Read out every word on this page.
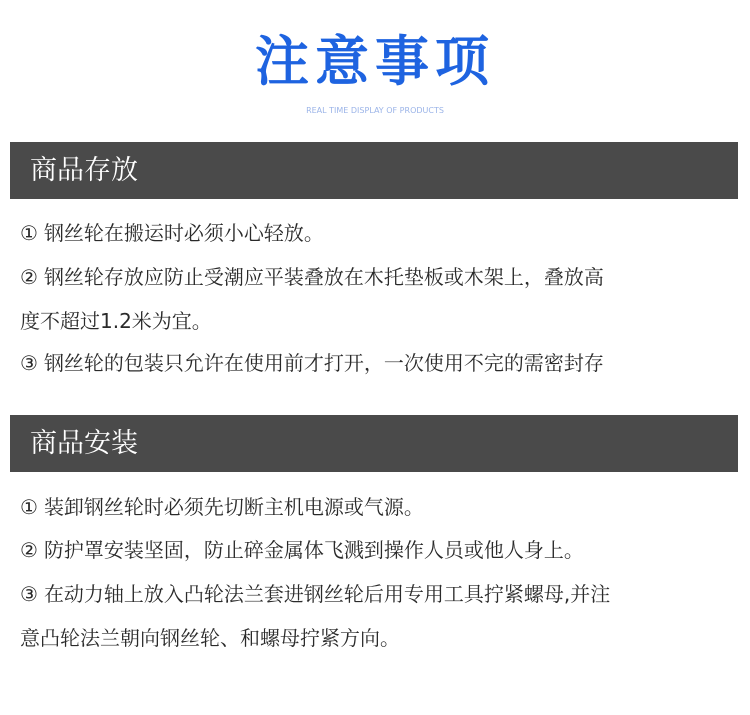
注意事项
REAL TIME DISPLAY OF PRODUCTS
商品存放
① 钢丝轮在搬运时必须小心轻放。
② 钢丝轮存放应防止受潮应平装叠放在木托垫板或木架上，叠放高
度不超过1.2米为宜。
③ 钢丝轮的包装只允许在使用前才打开，一次使用不完的需密封存
商品安装
① 装卸钢丝轮时必须先切断主机电源或气源。
② 防护罩安装坚固，防止碎金属体飞溅到操作人员或他人身上。
③ 在动力轴上放入凸轮法兰套进钢丝轮后用专用工具拧紧螺母,并注
意凸轮法兰朝向钢丝轮、和螺母拧紧方向。
